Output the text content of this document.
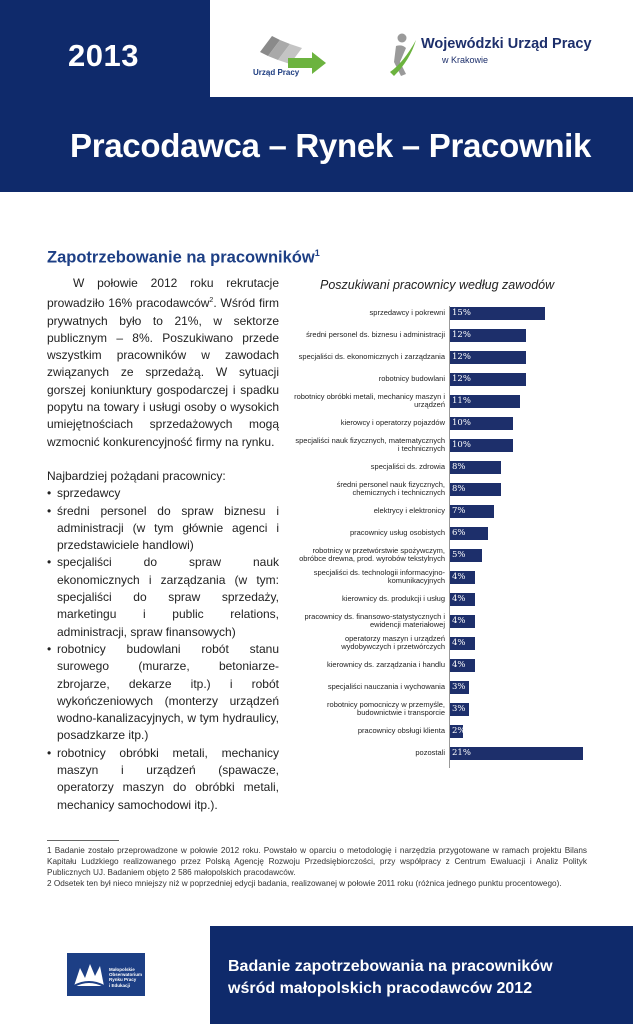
2013	Urząd Pracy
Wojewódzki Urząd Pracy
w Krakowie
Pracodawca – Rynek – Pracownik
Zapotrzebowanie na pracowników$^1$

W połowie 2012 roku rekrutacje prowadziło 16% pracodawców$^2$. Wśród firm prywatnych było to 21%, w sektorze publicznym – 8%. Poszukiwano przede wszystkim pracowników w zawodach związanych ze sprzedażą. W sytuacji gorszej koniunktury gospodarczej i spadku popytu na towary i usługi osoby o wysokich umiejętnościach sprzedażowych mogą wzmocnić konkurencyjność firmy na rynku.

Najbardziej pożądani pracownicy:

• sprzedawcy
• średni personel do spraw biznesu i administracji (w tym głównie agenci i przedstawiciele handlowi)
• specjaliści do spraw nauk ekonomicznych i zarządzania (w tym: specjaliści do spraw sprzedaży, marketingu i public relations, administracji, spraw finansowych)
• robotnicy budowlani robót stanu surowego (murarze, betoniarze-zbrojarze, dekarze itp.) i robót wykończeniowych (monterzy urządzeń wodno-kanalizacyjnych, w tym hydraulicy, posadzkarze itp.)
• robotnicy obróbki metali, mechanicy maszyn i urządzeń (spawacze, operatorzy maszyn do obróbki metali, mechanicy samochodowi itp.).
Poszukiwani pracownicy według zawodów
sprzedawcy i pokrewni 15%
średni personel ds. biznesu i administracji 12%
specjaliści ds. ekonomicznych i zarządzania 12%
robotnicy budowlani 12%
robotnicy obróbki metali, mechanicy maszyn i urządzeń 11%
kierowcy i operatorzy pojazdów 10%
specjaliści nauk fizycznych, matematycznych i technicznych 10%
specjaliści ds. zdrowia 8%
średni personel nauk fizycznych, chemicznych i technicznych 8%
elektrycy i elektronicy 7%
pracownicy usług osobistych 6%
robotnicy w przetwórstwie spożywczym, obróbce drewna, prod. wyrobów tekstylnych 5%
specjaliści ds. technologii informacyjno-komunikacyjnych 4%
kierownicy ds. produkcji i usług 4%
pracownicy ds. finansowo-statystycznych i ewidencji materiałowej 4%
operatorzy maszyn i urządzeń wydobywczych i przetwórczych 4%
kierownicy ds. zarządzania i handlu 4%
specjaliści nauczania i wychowania 3%
robotnicy pomocniczy w przemyśle, budownictwie i transporcie 3%
pracownicy obsługi klienta 2%
pozostali 21%

1 Badanie zostało przeprowadzone w połowie 2012 roku. Powstało w oparciu o metodologię i narzędzia przygotowane w ramach projektu Bilans Kapitału Ludzkiego realizowanego przez Polską Agencję Rozwoju Przedsiębiorczości, przy współpracy z Centrum Ewaluacji i Analiz Polityk Publicznych UJ. Badaniem objęto 2 586 małopolskich pracodawców.

2 Odsetek ten był nieco mniejszy niż w poprzedniej edycji badania, realizowanej w połowie 2011 roku (różnica jednego punktu procentowego).

Małopolskie
Obserwatorium
Rynku Pracy
i Edukacji
Badanie zapotrzebowania na pracowników
wśród małopolskich pracodawców 2012
